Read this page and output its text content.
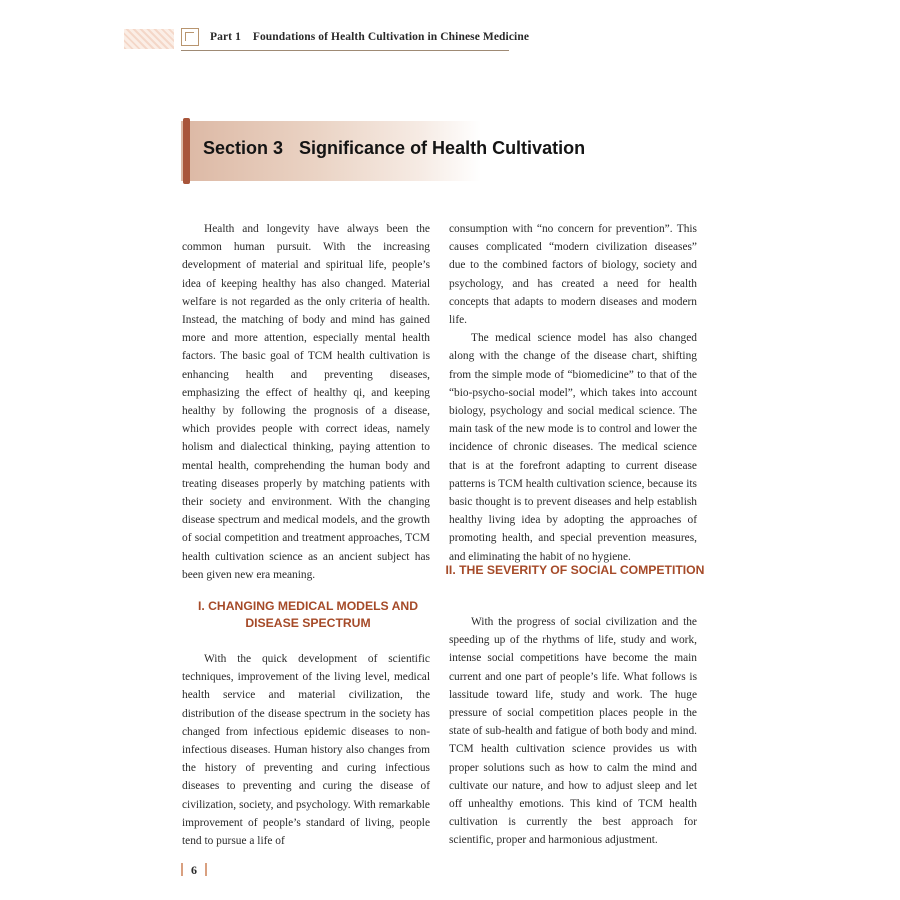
Part 1    Foundations of Health Cultivation in Chinese Medicine
Section 3 Significance of Health Cultivation

Health and longevity have always been the common human pursuit. With the increasing development of material and spiritual life, people’s idea of keeping healthy has also changed. Material welfare is not regarded as the only criteria of health. Instead, the matching of body and mind has gained more and more attention, especially mental health factors. The basic goal of TCM health cultivation is enhancing health and preventing diseases, emphasizing the effect of healthy qi, and keeping healthy by following the prognosis of a disease, which provides people with correct ideas, namely holism and dialectical thinking, paying attention to mental health, comprehending the human body and treating diseases properly by matching patients with their society and environment. With the changing disease spectrum and medical models, and the growth of social competition and treatment approaches, TCM health cultivation science as an ancient subject has been given new era meaning.

I. CHANGING MEDICAL MODELS AND DISEASE SPECTRUM

With the quick development of scientific techniques, improvement of the living level, medical health service and material civilization, the distribution of the disease spectrum in the society has changed from infectious epidemic diseases to non-infectious diseases. Human history also changes from the history of preventing and curing infectious diseases to preventing and curing the disease of civilization, society, and psychology. With remarkable improvement of people’s standard of living, people tend to pursue a life of

consumption with “no concern for prevention”. This causes complicated “modern civilization diseases” due to the combined factors of biology, society and psychology, and has created a need for health concepts that adapts to modern diseases and modern life.

The medical science model has also changed along with the change of the disease chart, shifting from the simple mode of “biomedicine” to that of the “bio-psycho-social model”, which takes into account biology, psychology and social medical science. The main task of the new mode is to control and lower the incidence of chronic diseases. The medical science that is at the forefront adapting to current disease patterns is TCM health cultivation science, because its basic thought is to prevent diseases and help establish healthy living idea by adopting the approaches of promoting health, and special prevention measures, and eliminating the habit of no hygiene.

II. THE SEVERITY OF SOCIAL COMPETITION

With the progress of social civilization and the speeding up of the rhythms of life, study and work, intense social competitions have become the main current and one part of people’s life. What follows is lassitude toward life, study and work. The huge pressure of social competition places people in the state of sub-health and fatigue of both body and mind. TCM health cultivation science provides us with proper solutions such as how to calm the mind and cultivate our nature, and how to adjust sleep and let off unhealthy emotions. This kind of TCM health cultivation is currently the best approach for scientific, proper and harmonious adjustment.

6
